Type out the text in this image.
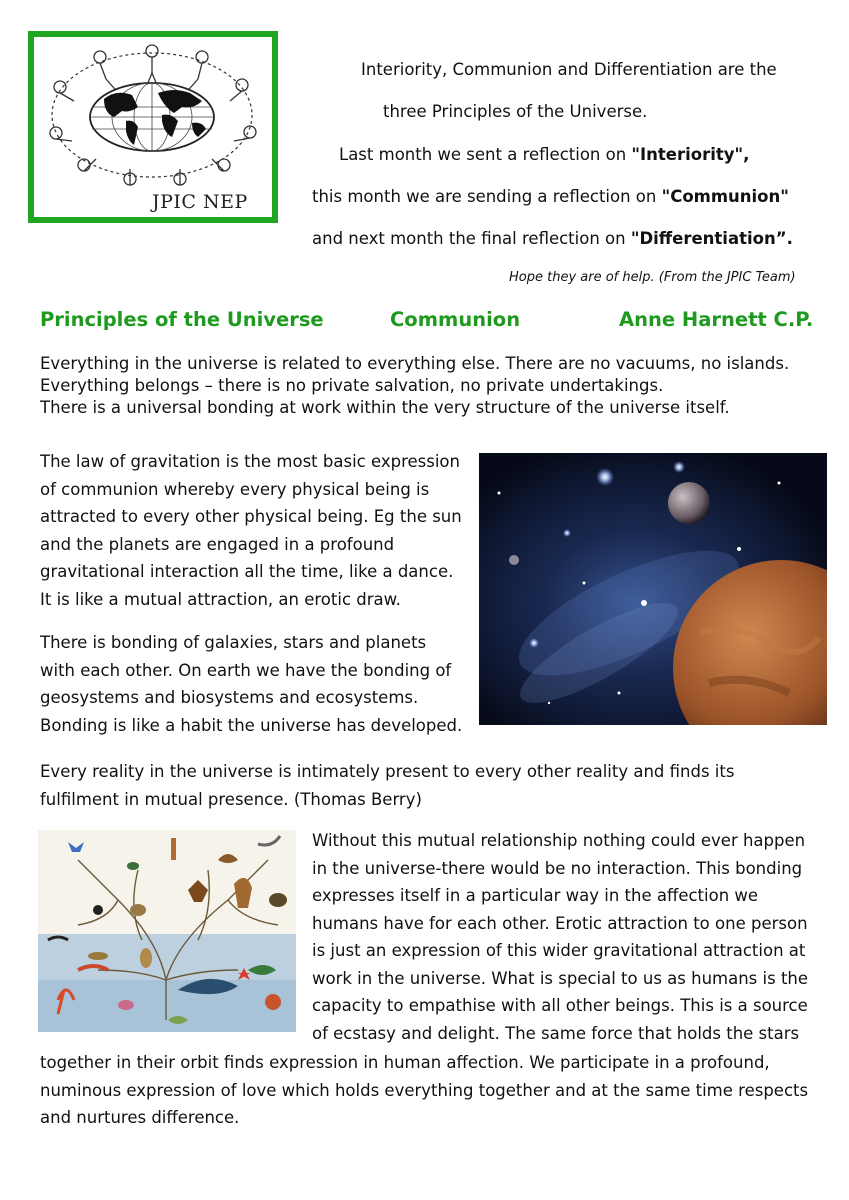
JPIC NEP
Interiority, Communion and Differentiation are the
three Principles of the Universe.
Last month we sent a reflection on "Interiority",
this month we are sending a reflection on "Communion"
and next month the final reflection on "Differentiation”.
Hope they are of help. (From the JPIC Team)
Principles of the Universe	Communion	Anne Harnett C.P.
Everything in the universe is related to everything else. There are no vacuums, no islands.
Everything belongs – there is no private salvation, no private undertakings.
There is a universal bonding at work within the very structure of the universe itself.
The law of gravitation is the most basic expression of communion whereby every physical being is attracted to every other physical being. Eg the sun and the planets are engaged in a profound gravitational interaction all the time, like a dance. It is like a mutual attraction, an erotic draw.
There is bonding of galaxies, stars and planets with each other. On earth we have the bonding of geosystems and biosystems and ecosystems. Bonding is like a habit the universe has developed.
Every reality in the universe is intimately present to every other reality and finds its fulfilment in mutual presence. (Thomas Berry)
Without this mutual relationship nothing could ever happen in the universe-there would be no interaction. This bonding expresses itself in a particular way in the affection we humans have for each other. Erotic attraction to one person is just an expression of this wider gravitational attraction at work in the universe. What is special to us as humans is the capacity to empathise with all other beings. This is a source of ecstasy and delight. The same force that holds the stars
together in their orbit finds expression in human affection. We participate in a profound, numinous expression of love which holds everything together and at the same time respects and nurtures difference.
